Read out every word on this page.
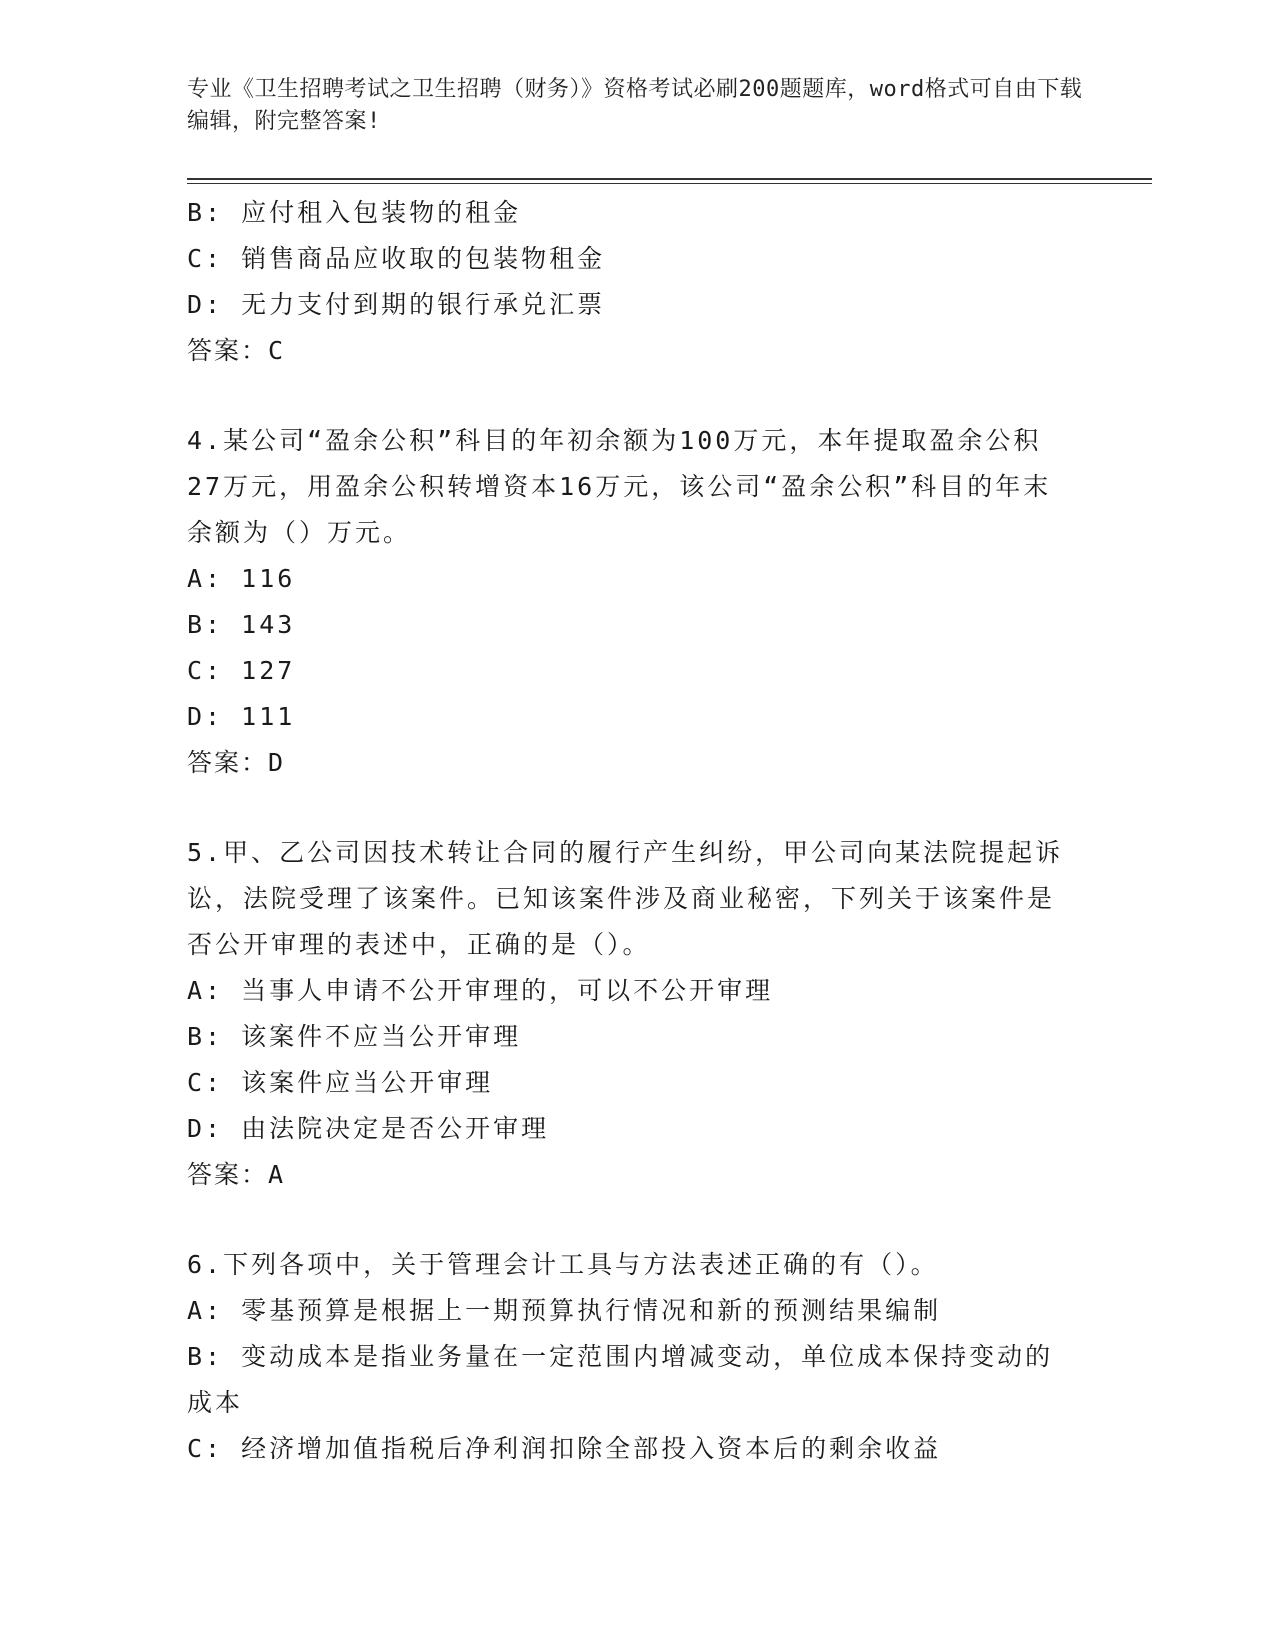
专业《卫生招聘考试之卫生招聘（财务）》资格考试必刷200题题库，word格式可自由下载编辑，附完整答案!
B: 应付租入包装物的租金
C: 销售商品应收取的包装物租金
D: 无力支付到期的银行承兑汇票
答案：C
4.某公司“盈余公积”科目的年初余额为100万元，本年提取盈余公积27万元，用盈余公积转增资本16万元，该公司“盈余公积”科目的年末余额为（）万元。
A: 116
B: 143
C: 127
D: 111
答案：D
5.甲、乙公司因技术转让合同的履行产生纠纷，甲公司向某法院提起诉讼，法院受理了该案件。已知该案件涉及商业秘密，下列关于该案件是否公开审理的表述中，正确的是（）。
A: 当事人申请不公开审理的，可以不公开审理
B: 该案件不应当公开审理
C: 该案件应当公开审理
D: 由法院决定是否公开审理
答案：A
6.下列各项中，关于管理会计工具与方法表述正确的有（）。
A: 零基预算是根据上一期预算执行情况和新的预测结果编制
B: 变动成本是指业务量在一定范围内增减变动，单位成本保持变动的成本
C: 经济增加值指税后净利润扣除全部投入资本后的剩余收益
